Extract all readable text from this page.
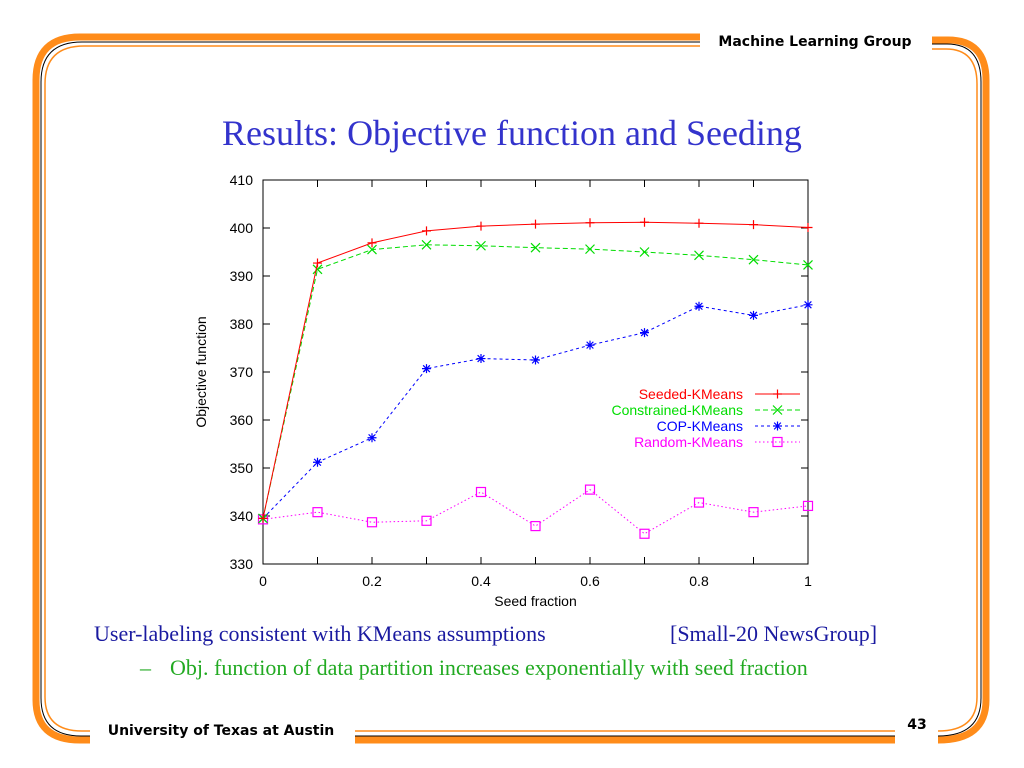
Machine Learning Group
University of Texas at Austin	43
Results: Objective function and Seeding
330
340
350
360
370
380
390
400
410
0	0.2	0.4	0.6	0.8	1
Seed fraction
Objective function	Seeded-KMeans
Constrained-KMeans
COP-KMeans
Random-KMeans
User-labeling consistent with KMeans assumptions	[Small-20 NewsGroup]
– Obj. function of data partition increases exponentially with seed fraction
